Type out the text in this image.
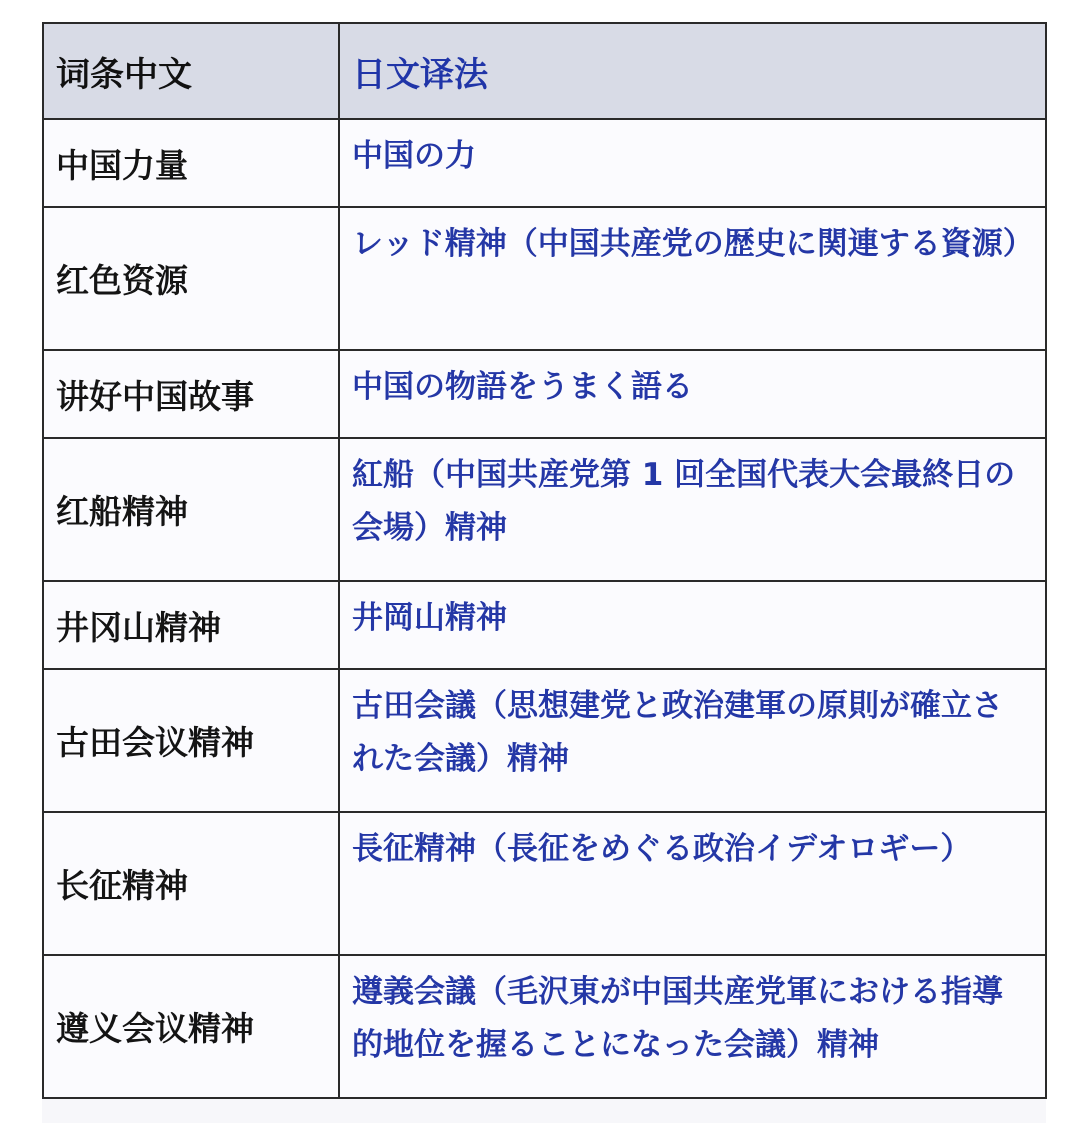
词条中文	日文译法
中国力量	中国の力
红色资源	レッド精神（中国共産党の歴史に関連する資源）
讲好中国故事	中国の物語をうまく語る
红船精神	紅船（中国共産党第 1 回全国代表大会最終日の会場）精神
井冈山精神	井岡山精神
古田会议精神	古田会議（思想建党と政治建軍の原則が確立された会議）精神
长征精神	長征精神（長征をめぐる政治イデオロギー）
遵义会议精神	遵義会議（毛沢東が中国共産党軍における指導的地位を握ることになった会議）精神
